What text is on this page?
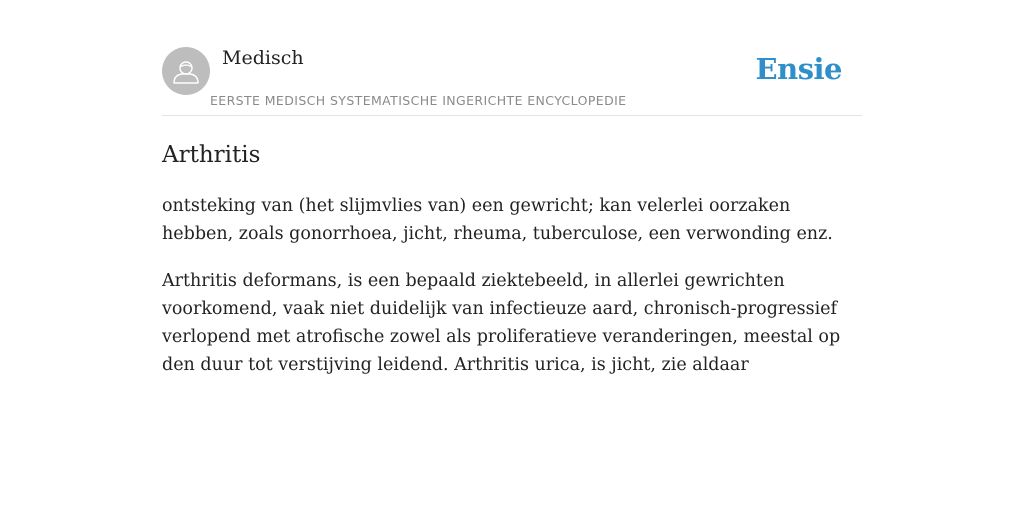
Medisch
EERSTE MEDISCH SYSTEMATISCHE INGERICHTE ENCYCLOPEDIE
Ensie
Arthritis

ontsteking van (het slijmvlies van) een gewricht; kan velerlei oorzaken hebben, zoals gonorrhoea, jicht, rheuma, tuberculose, een verwonding enz.

Arthritis deformans, is een bepaald ziektebeeld, in allerlei gewrichten voorkomend, vaak niet duidelijk van infectieuze aard, chronisch-progressief verlopend met atrofische zowel als proliferatieve veranderingen, meestal op den duur tot verstijving leidend. Arthritis urica, is jicht, zie aldaar
